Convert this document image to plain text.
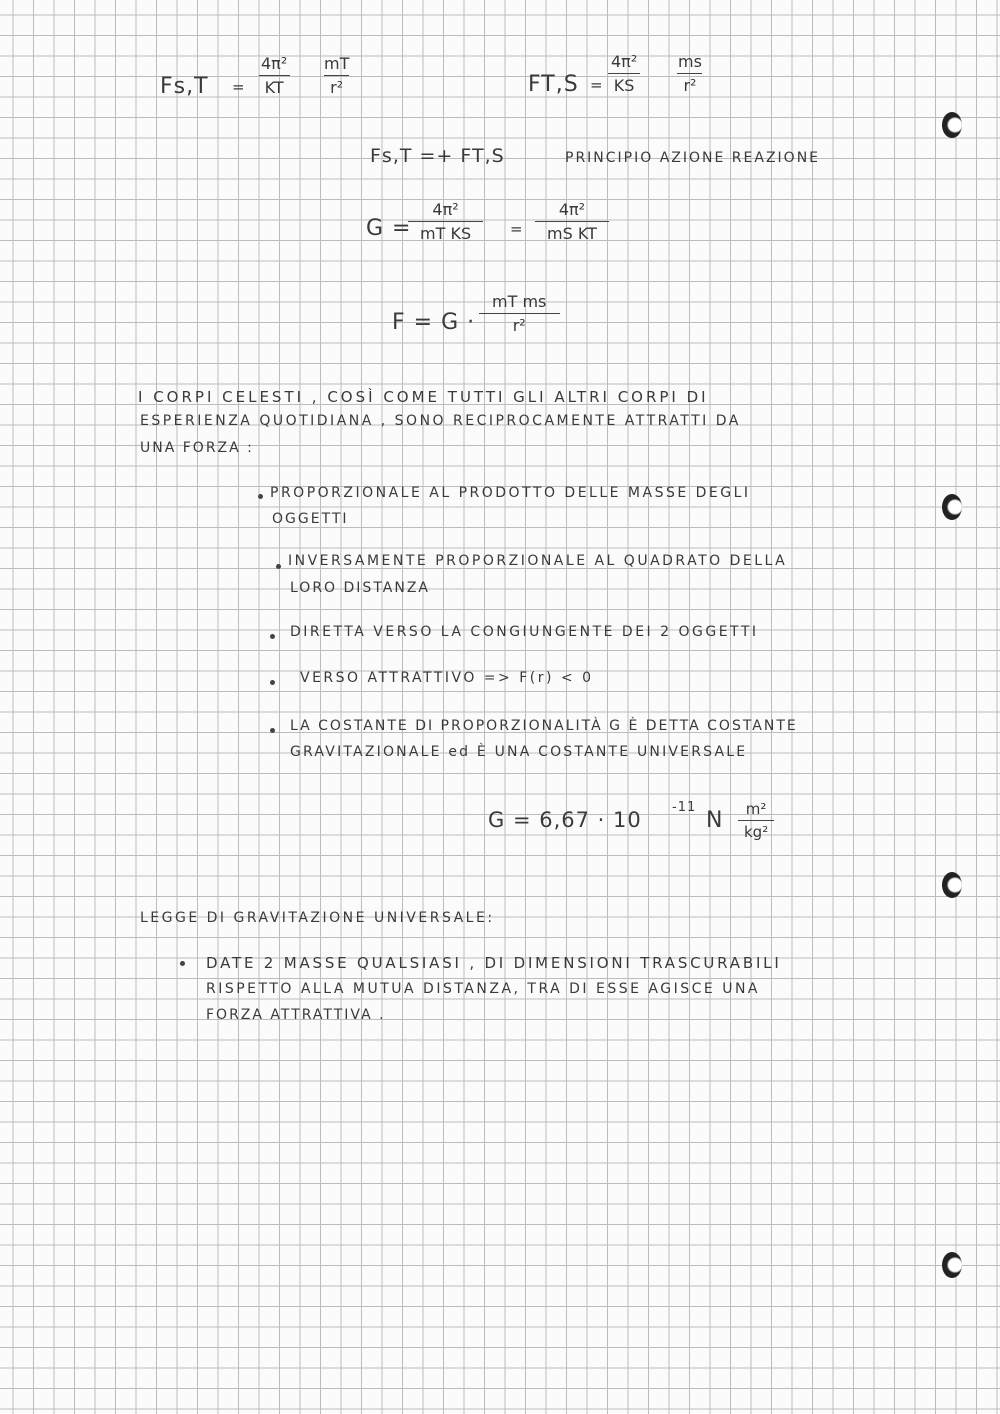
$Fs,T = \frac{\text{4π²}}{KT} \frac{mT}{\text{r²}}$	$FT,S = \frac{\text{4π²}}{KS} \frac{ms}{\text{r²}}$
Fs,T =+ FT,S	PRINCIPIO AZIONE REAZIONE
G =
$\frac{\text{4π²}}{\text{mT KS}} = \frac{\text{4π²}}{\text{mS KT}}$
$F = G \cdot \frac{\text{mT ms}}{\text{r²}}$
I CORPI CELESTI , COSÌ COME TUTTI GLI ALTRI CORPI DI
ESPERIENZA QUOTIDIANA , SONO RECIPROCAMENTE ATTRATTI DA
UNA FORZA :
PROPORZIONALE AL PRODOTTO DELLE MASSE DEGLI
OGGETTI
INVERSAMENTE PROPORZIONALE AL QUADRATO DELLA
LORO DISTANZA
DIRETTA VERSO LA CONGIUNGENTE DEI 2 OGGETTI
VERSO ATTRATTIVO => F(r) < 0
LA COSTANTE DI PROPORZIONALITÀ G È DETTA COSTANTE
GRAVITAZIONALE ed È UNA COSTANTE UNIVERSALE
G = 6,67 · 10
-11
N $\frac{\text{m²}}{\text{kg²}}$
LEGGE DI GRAVITAZIONE UNIVERSALE:
DATE 2 MASSE QUALSIASI , DI DIMENSIONI TRASCURABILI
RISPETTO ALLA MUTUA DISTANZA, TRA DI ESSE AGISCE UNA
FORZA ATTRATTIVA .
